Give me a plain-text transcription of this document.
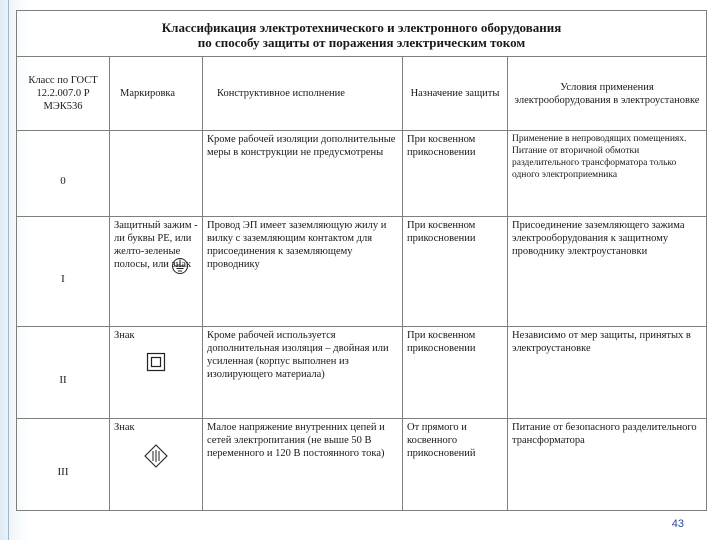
Классификация электротехнического и электронного оборудования
по способу защиты от поражения электрическим током				
Класс по ГОСТ 12.2.007.0 Р МЭК536	Маркировка	Конструктивное исполнение	Назначение защиты	Условия применения электрооборудования в электроустановке
0		Кроме рабочей изоляции дополнительные меры в конструкции не предусмотрены	При косвенном прикосновении	Применение в непроводящих помещениях. Питание от вторичной обмотки разделительного трансформатора только одного электроприемника
I	Защитный зажим - ли буквы PE, или желто-зеленые полосы, или знак	Провод ЭП имеет заземляющую жилу и вилку с заземляющим контактом для присоединения к заземляющему проводнику	При косвенном прикосновении	Присоединение заземляющего зажима электрооборудования к защитному проводнику электроустановки
II	Знак	Кроме рабочей используется дополнительная изоляция – двойная или усиленная (корпус выполнен из изолирующего материала)	При косвенном прикосновении	Независимо от мер защиты, принятых в электроустановке
III	Знак	Малое напряжение внутренних цепей и сетей электропитания (не выше 50 В переменного и 120 В постоянного тока)	От прямого и косвенного прикосновений	Питание от безопасного разделительного трансформатора
43
